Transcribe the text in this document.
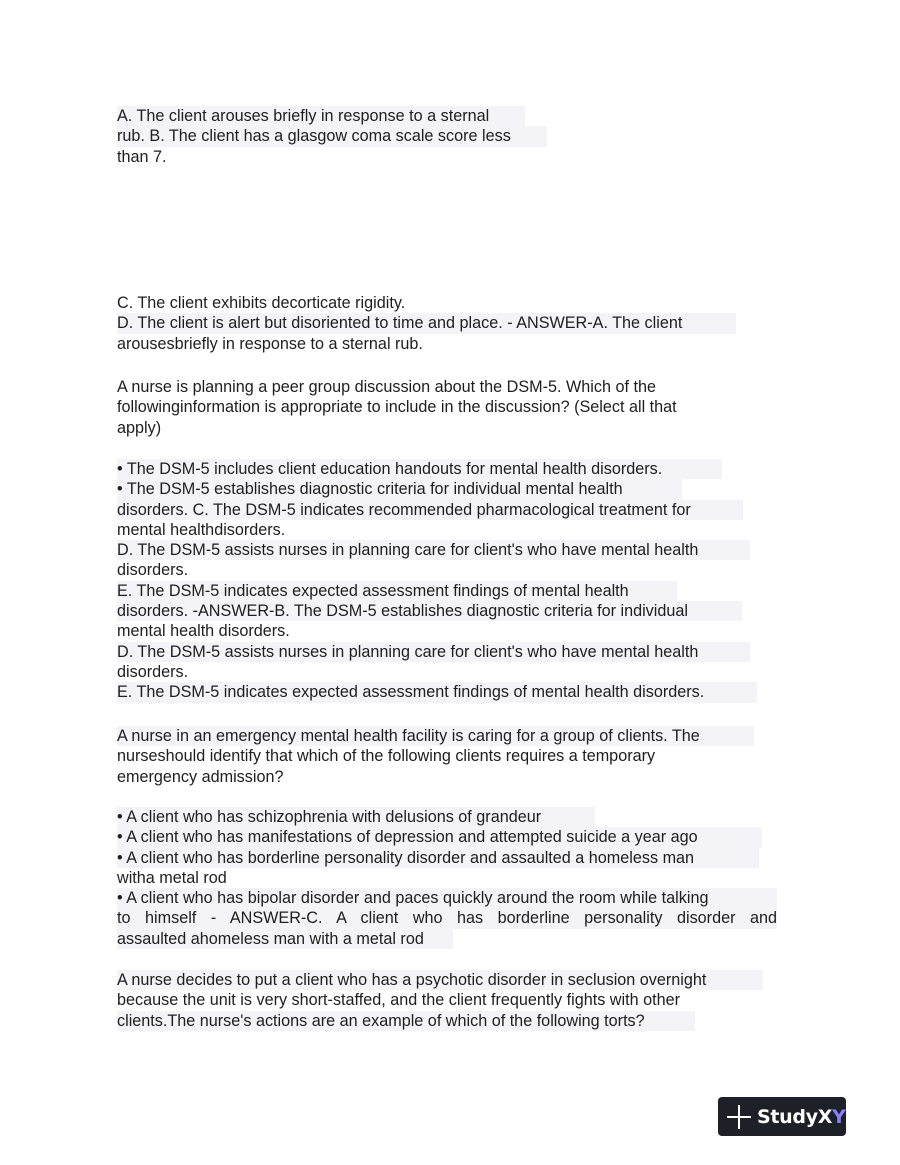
A. The client arouses briefly in response to a sternal
rub. B. The client has a glasgow coma scale score less
than 7.
C. The client exhibits decorticate rigidity.
D. The client is alert but disoriented to time and place. - ANSWER-A. The client
arousesbriefly in response to a sternal rub.
A nurse is planning a peer group discussion about the DSM-5. Which of the
followinginformation is appropriate to include in the discussion? (Select all that
apply)
• The DSM-5 includes client education handouts for mental health disorders.
• The DSM-5 establishes diagnostic criteria for individual mental health
disorders. C. The DSM-5 indicates recommended pharmacological treatment for
mental healthdisorders.
D. The DSM-5 assists nurses in planning care for client's who have mental health
disorders.
E. The DSM-5 indicates expected assessment findings of mental health
disorders. -ANSWER-B. The DSM-5 establishes diagnostic criteria for individual
mental health disorders.
D. The DSM-5 assists nurses in planning care for client's who have mental health
disorders.
E. The DSM-5 indicates expected assessment findings of mental health disorders.
A nurse in an emergency mental health facility is caring for a group of clients. The
nurseshould identify that which of the following clients requires a temporary
emergency admission?
• A client who has schizophrenia with delusions of grandeur
• A client who has manifestations of depression and attempted suicide a year ago
• A client who has borderline personality disorder and assaulted a homeless man
witha metal rod
• A client who has bipolar disorder and paces quickly around the room while talking
to himself - ANSWER-C. A client who has borderline personality disorder and
assaulted ahomeless man with a metal rod
A nurse decides to put a client who has a psychotic disorder in seclusion overnight
because the unit is very short-staffed, and the client frequently fights with other
clients.The nurse's actions are an example of which of the following torts?
StudyXY
